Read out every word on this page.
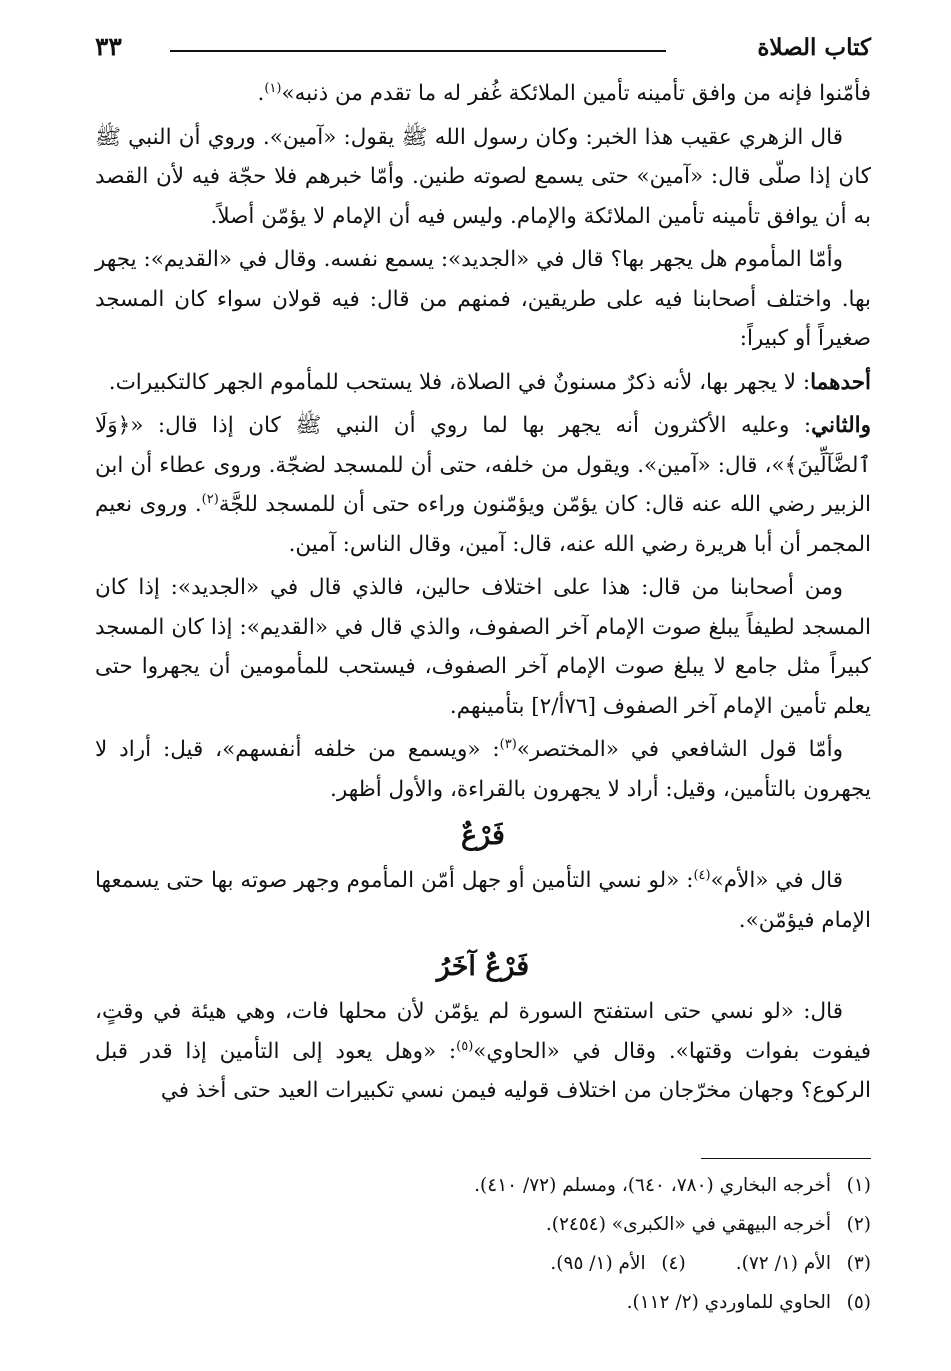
كتاب الصلاة
٣٣

فأمّنوا فإنه من وافق تأمينه تأمين الملائكة غُفر له ما تقدم من ذنبه»$^{(١)}$.

قال الزهري عقيب هذا الخبر: وكان رسول الله ﷺ يقول: «آمين». وروي أن النبي ﷺ كان إذا صلّى قال: «آمين» حتى يسمع لصوته طنين. وأمّا خبرهم فلا حجّة فيه لأن القصد به أن يوافق تأمينه تأمين الملائكة والإمام. وليس فيه أن الإمام لا يؤمّن أصلاً.

وأمّا المأموم هل يجهر بها؟ قال في «الجديد»: يسمع نفسه. وقال في «القديم»: يجهر بها. واختلف أصحابنا فيه على طريقين، فمنهم من قال: فيه قولان سواء كان المسجد صغيراً أو كبيراً:

أحدهما: لا يجهر بها، لأنه ذكرٌ مسنونٌ في الصلاة، فلا يستحب للمأموم الجهر كالتكبيرات.

والثاني: وعليه الأكثرون أنه يجهر بها لما روي أن النبي ﷺ كان إذا قال: «﴿وَلَا ٱلضَّآلِّينَ﴾»، قال: «آمين». ويقول من خلفه، حتى أن للمسجد لضجّة. وروى عطاء أن ابن الزبير رضي الله عنه قال: كان يؤمّن ويؤمّنون وراءه حتى أن للمسجد للجَّة$^{(٢)}$. وروى نعيم المجمر أن أبا هريرة رضي الله عنه، قال: آمين، وقال الناس: آمين.

ومن أصحابنا من قال: هذا على اختلاف حالين، فالذي قال في «الجديد»: إذا كان المسجد لطيفاً يبلغ صوت الإمام آخر الصفوف، والذي قال في «القديم»: إذا كان المسجد كبيراً مثل جامع لا يبلغ صوت الإمام آخر الصفوف، فيستحب للمأمومين أن يجهروا حتى يعلم تأمين الإمام آخر الصفوف [٧٦أ/٢] بتأمينهم.

وأمّا قول الشافعي في «المختصر»$^{(٣)}$: «ويسمع من خلفه أنفسهم»، قيل: أراد لا يجهرون بالتأمين، وقيل: أراد لا يجهرون بالقراءة، والأول أظهر.

فَرْعٌ

قال في «الأم»$^{(٤)}$: «لو نسي التأمين أو جهل أمّن المأموم وجهر صوته بها حتى يسمعها الإمام فيؤمّن».

فَرْعٌ آخَرُ

قال: «لو نسي حتى استفتح السورة لم يؤمّن لأن محلها فات، وهي هيئة في وقتٍ، فيفوت بفوات وقتها». وقال في «الحاوي»$^{(٥)}$: «وهل يعود إلى التأمين إذا قدر قبل الركوع؟ وجهان مخرّجان من اختلاف قوليه فيمن نسي تكبيرات العيد حتى أخذ في

(١)
أخرجه البخاري (٧٨٠، ٦٤٠)، ومسلم (٧٢/ ٤١٠).
(٢)
أخرجه البيهقي في «الكبرى» (٢٤٥٤).
(٣)
الأم (١/ ٧٢).
(٤)
الأم (١/ ٩٥).
(٥)
الحاوي للماوردي (٢/ ١١٢).
